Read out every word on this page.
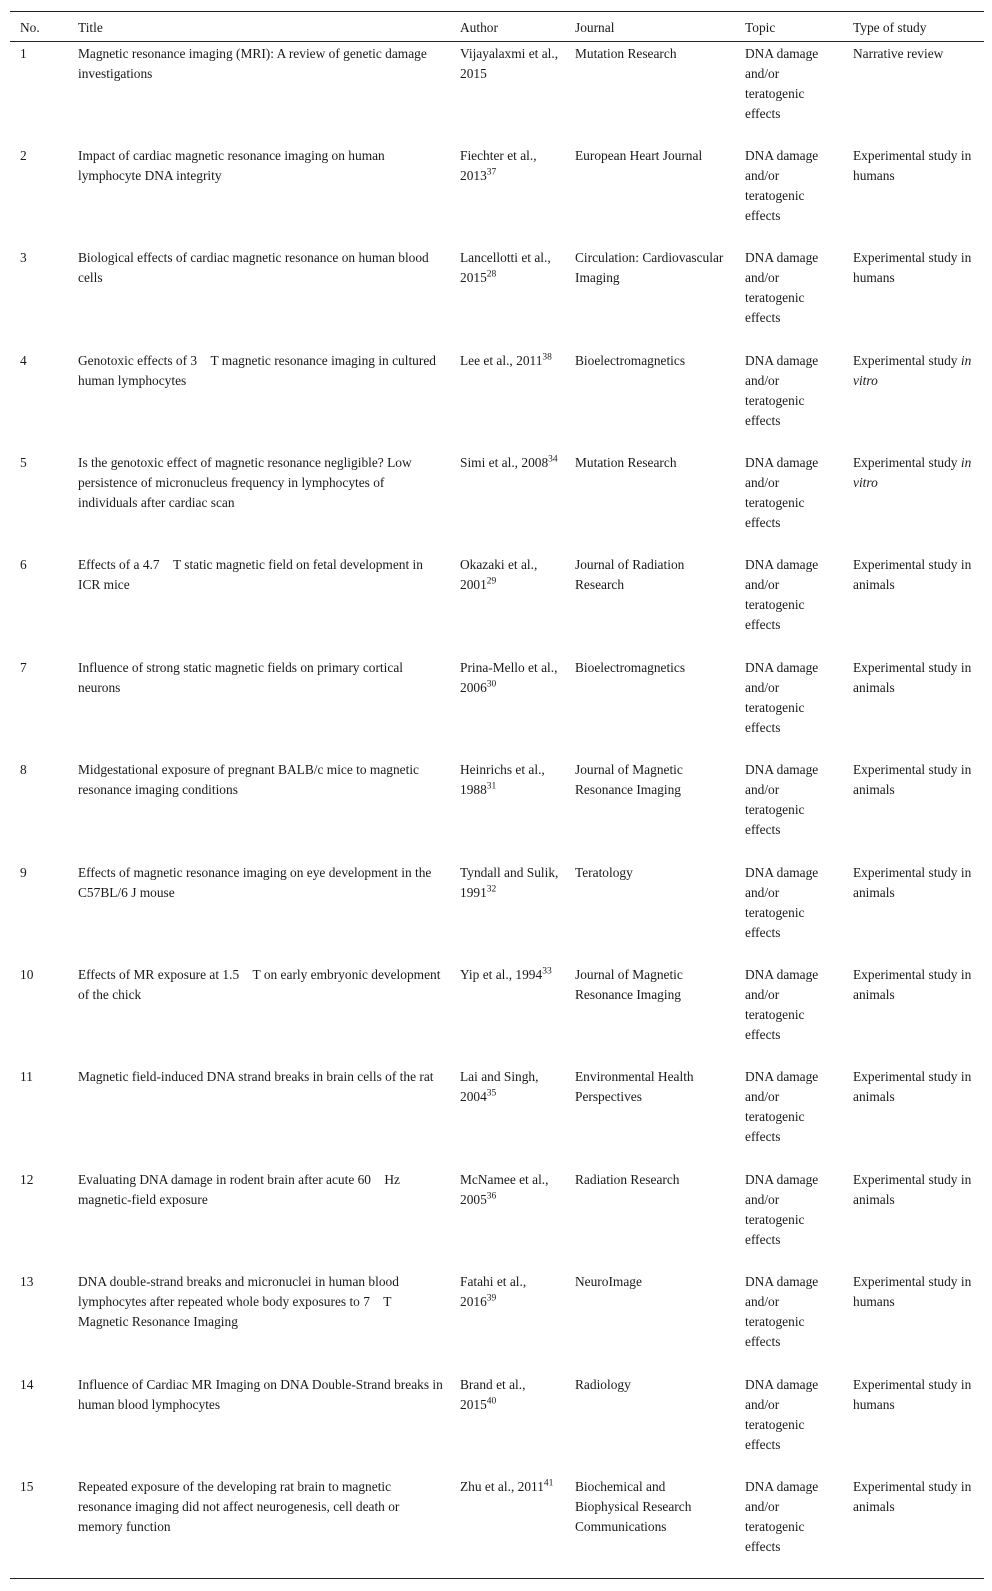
No.	Title	Author	Journal	Topic	Type of study
1	Magnetic resonance imaging (MRI): A review of genetic damage investigations	Vijayalaxmi et al., 2015	Mutation Research	DNA damage and/or teratogenic effects	Narrative review
2	Impact of cardiac magnetic resonance imaging on human lymphocyte DNA integrity	Fiechter et al., 2013$^{37}$	European Heart Journal	DNA damage and/or teratogenic effects	Experimental study in humans
3	Biological effects of cardiac magnetic resonance on human blood cells	Lancellotti et al., 2015$^{28}$	Circulation: Cardiovascular Imaging	DNA damage and/or teratogenic effects	Experimental study in humans
4	Genotoxic effects of 3 T magnetic resonance imaging in cultured human lymphocytes	Lee et al., 2011$^{38}$	Bioelectromagnetics	DNA damage and/or teratogenic effects	Experimental study in vitro
5	Is the genotoxic effect of magnetic resonance negligible? Low persistence of micronucleus frequency in lymphocytes of individuals after cardiac scan	Simi et al., 2008$^{34}$	Mutation Research	DNA damage and/or teratogenic effects	Experimental study in vitro
6	Effects of a 4.7 T static magnetic field on fetal development in ICR mice	Okazaki et al., 2001$^{29}$	Journal of Radiation Research	DNA damage and/or teratogenic effects	Experimental study in animals
7	Influence of strong static magnetic fields on primary cortical neurons	Prina-Mello et al., 2006$^{30}$	Bioelectromagnetics	DNA damage and/or teratogenic effects	Experimental study in animals
8	Midgestational exposure of pregnant BALB/c mice to magnetic resonance imaging conditions	Heinrichs et al., 1988$^{31}$	Journal of Magnetic Resonance Imaging	DNA damage and/or teratogenic effects	Experimental study in animals
9	Effects of magnetic resonance imaging on eye development in the C57BL/6 J mouse	Tyndall and Sulik, 1991$^{32}$	Teratology	DNA damage and/or teratogenic effects	Experimental study in animals
10	Effects of MR exposure at 1.5 T on early embryonic development of the chick	Yip et al., 1994$^{33}$	Journal of Magnetic Resonance Imaging	DNA damage and/or teratogenic effects	Experimental study in animals
11	Magnetic field-induced DNA strand breaks in brain cells of the rat	Lai and Singh, 2004$^{35}$	Environmental Health Perspectives	DNA damage and/or teratogenic effects	Experimental study in animals
12	Evaluating DNA damage in rodent brain after acute 60 Hz magnetic-field exposure	McNamee et al., 2005$^{36}$	Radiation Research	DNA damage and/or teratogenic effects	Experimental study in animals
13	DNA double-strand breaks and micronuclei in human blood lymphocytes after repeated whole body exposures to 7 T Magnetic Resonance Imaging	Fatahi et al., 2016$^{39}$	NeuroImage	DNA damage and/or teratogenic effects	Experimental study in humans
14	Influence of Cardiac MR Imaging on DNA Double-Strand breaks in human blood lymphocytes	Brand et al., 2015$^{40}$	Radiology	DNA damage and/or teratogenic effects	Experimental study in humans
15	Repeated exposure of the developing rat brain to magnetic resonance imaging did not affect neurogenesis, cell death or memory function	Zhu et al., 2011$^{41}$	Biochemical and Biophysical Research Communications	DNA damage and/or teratogenic effects	Experimental study in animals
